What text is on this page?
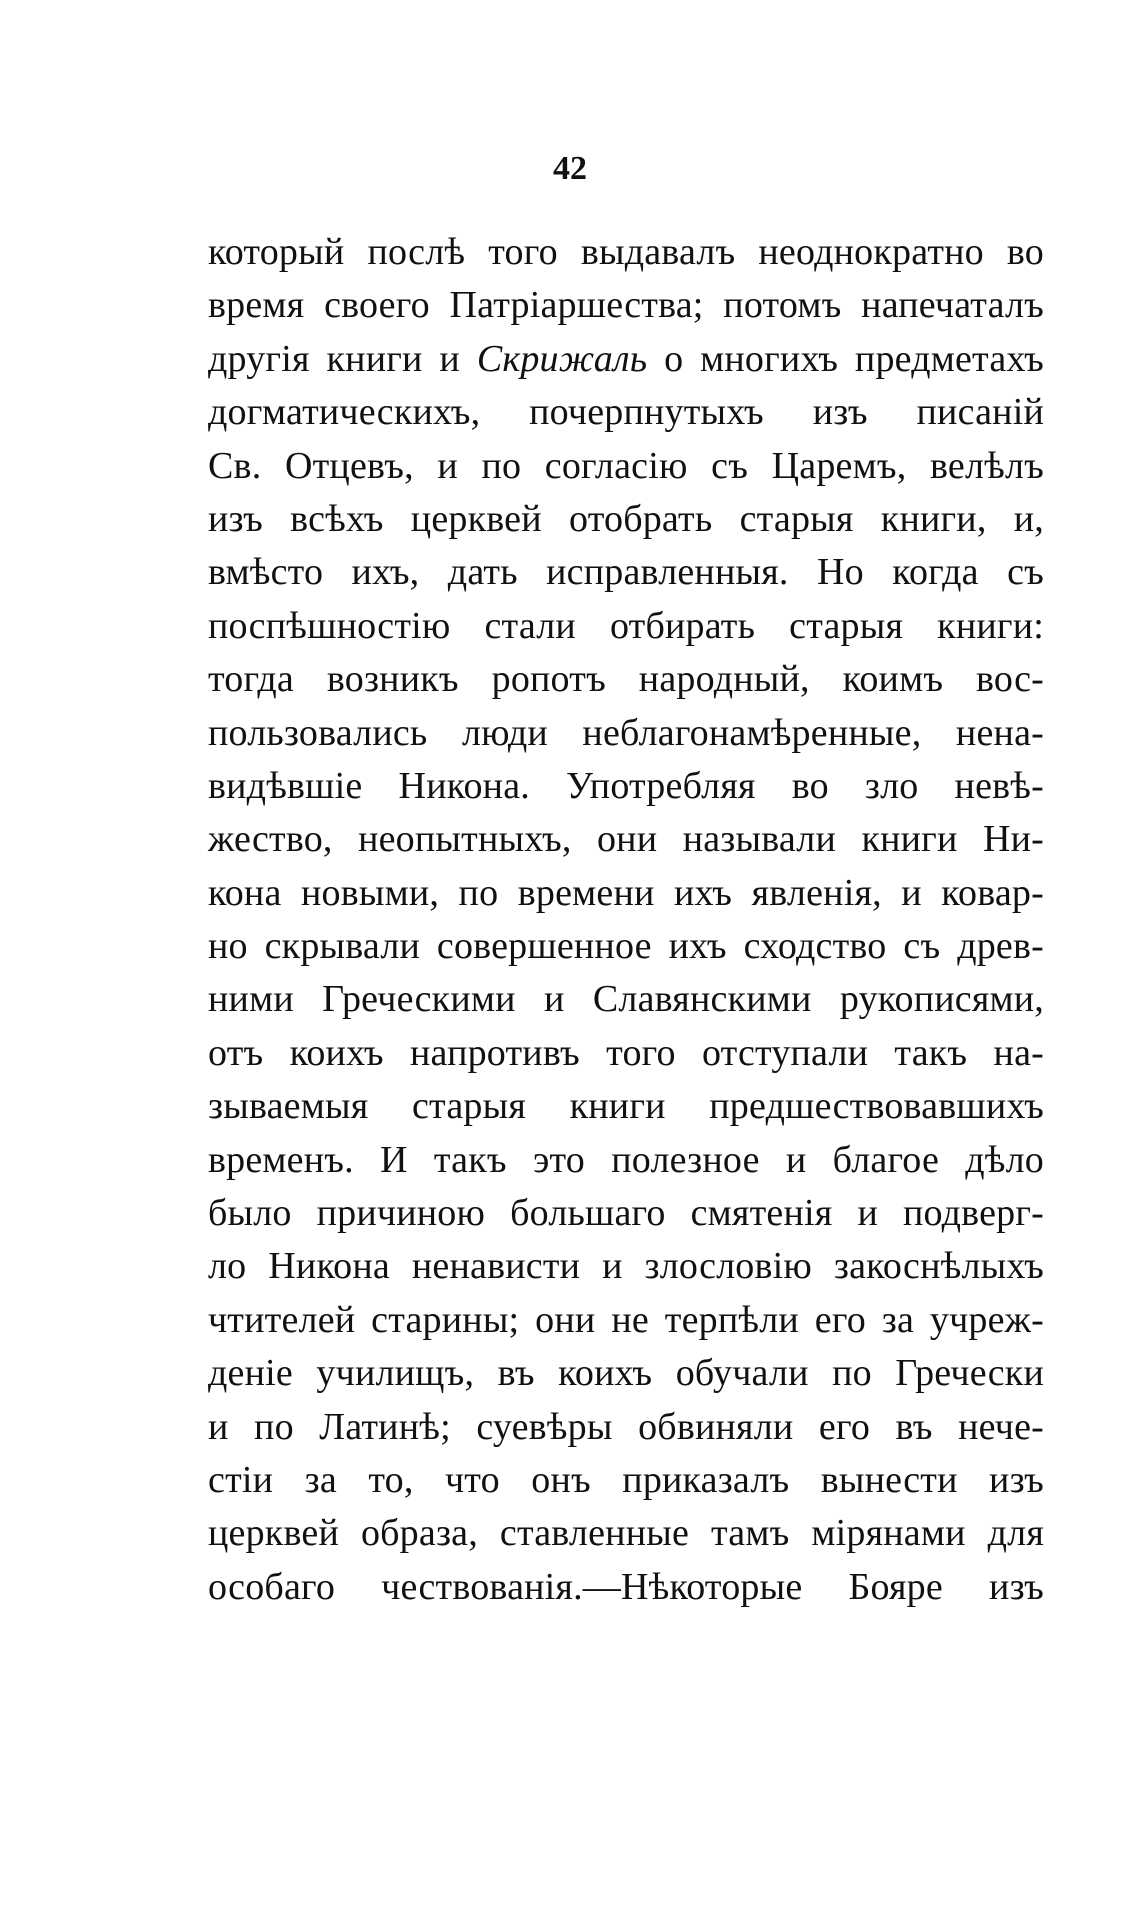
42
который послѣ того выдавалъ неоднократно во
время своего Патріаршества; потомъ напечаталъ
другія книги и Скрижаль о многихъ предметахъ
догматическихъ, почерпнутыхъ изъ писаній
Св. Отцевъ, и по согласію съ Царемъ, велѣлъ
изъ всѣхъ церквей отобрать старыя книги, и,
вмѣсто ихъ, дать исправленныя. Но когда съ
поспѣшностію стали отбирать старыя книги:
тогда возникъ ропотъ народный, коимъ вос-
пользовались люди неблагонамѣренные, нена-
видѣвшіе Никона. Употребляя во зло невѣ-
жество, неопытныхъ, они называли книги Ни-
кона новыми, по времени ихъ явленія, и ковар-
но скрывали совершенное ихъ сходство съ древ-
ними Греческими и Славянскими рукописями,
отъ коихъ напротивъ того отступали такъ на-
зываемыя старыя книги предшествовавшихъ
временъ. И такъ это полезное и благое дѣло
было причиною большаго смятенія и подверг-
ло Никона ненависти и злословію закоснѣлыхъ
чтителей старины; они не терпѣли его за учреж-
деніе училищъ, въ коихъ обучали по Гречески
и по Латинѣ; суевѣры обвиняли его въ нече-
стіи за то, что онъ приказалъ вынести изъ
церквей образа, ставленные тамъ мірянами для
особаго чествованія.—Нѣкоторые Бояре изъ
